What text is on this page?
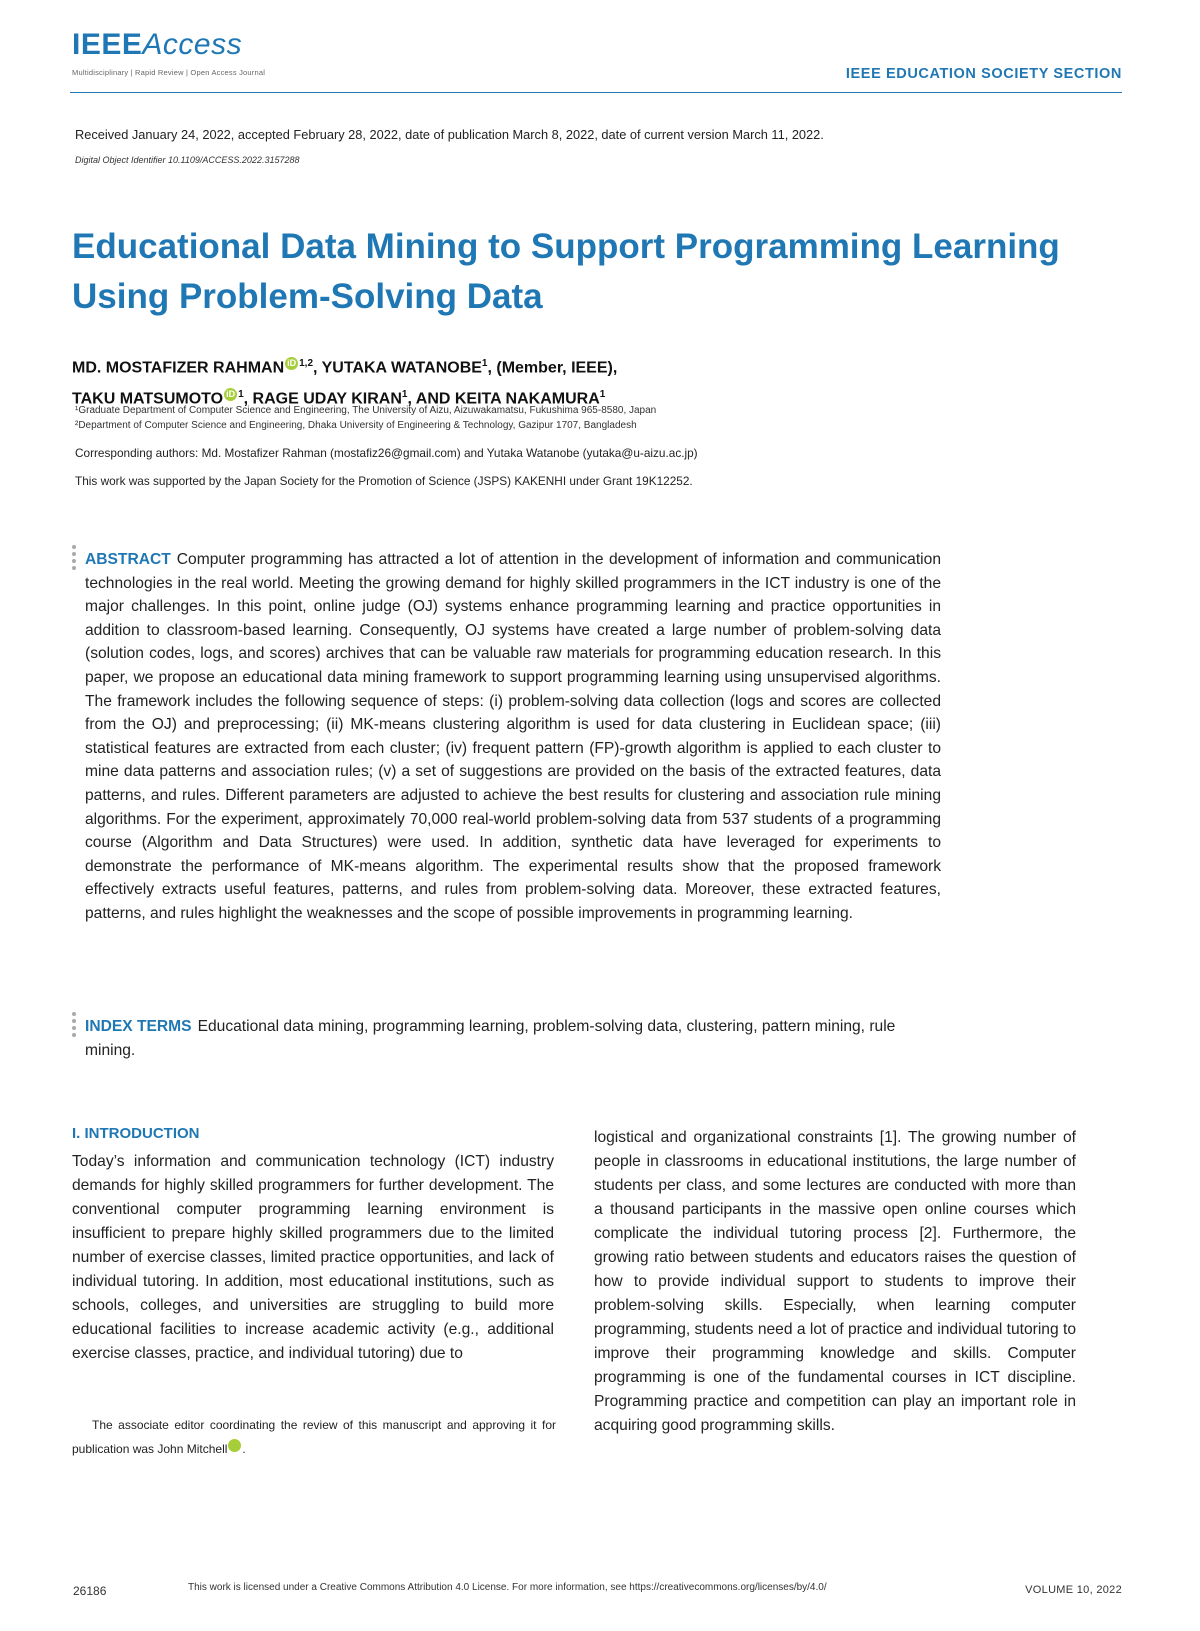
IEEEAccess
Multidisciplinary | Rapid Review | Open Access Journal	IEEE EDUCATION SOCIETY SECTION
Received January 24, 2022, accepted February 28, 2022, date of publication March 8, 2022, date of current version March 11, 2022.
Digital Object Identifier 10.1109/ACCESS.2022.3157288
Educational Data Mining to Support Programming Learning Using Problem-Solving Data
MD. MOSTAFIZER RAHMAN iD $^{1,2}$, YUTAKA WATANOBE$^1$, (Member, IEEE),
TAKU MATSUMOTO iD $^1$, RAGE UDAY KIRAN$^1$, AND KEITA NAKAMURA$^1$
¹Graduate Department of Computer Science and Engineering, The University of Aizu, Aizuwakamatsu, Fukushima 965-8580, Japan
²Department of Computer Science and Engineering, Dhaka University of Engineering & Technology, Gazipur 1707, Bangladesh
Corresponding authors: Md. Mostafizer Rahman (mostafiz26@gmail.com) and Yutaka Watanobe (yutaka@u-aizu.ac.jp)
This work was supported by the Japan Society for the Promotion of Science (JSPS) KAKENHI under Grant 19K12252.
ABSTRACT Computer programming has attracted a lot of attention in the development of information and communication technologies in the real world. Meeting the growing demand for highly skilled programmers in the ICT industry is one of the major challenges. In this point, online judge (OJ) systems enhance programming learning and practice opportunities in addition to classroom-based learning. Consequently, OJ systems have created a large number of problem-solving data (solution codes, logs, and scores) archives that can be valuable raw materials for programming education research. In this paper, we propose an educational data mining framework to support programming learning using unsupervised algorithms. The framework includes the following sequence of steps: (i) problem-solving data collection (logs and scores are collected from the OJ) and preprocessing; (ii) MK-means clustering algorithm is used for data clustering in Euclidean space; (iii) statistical features are extracted from each cluster; (iv) frequent pattern (FP)-growth algorithm is applied to each cluster to mine data patterns and association rules; (v) a set of suggestions are provided on the basis of the extracted features, data patterns, and rules. Different parameters are adjusted to achieve the best results for clustering and association rule mining algorithms. For the experiment, approximately 70,000 real-world problem-solving data from 537 students of a programming course (Algorithm and Data Structures) were used. In addition, synthetic data have leveraged for experiments to demonstrate the performance of MK-means algorithm. The experimental results show that the proposed framework effectively extracts useful features, patterns, and rules from problem-solving data. Moreover, these extracted features, patterns, and rules highlight the weaknesses and the scope of possible improvements in programming learning.
INDEX TERMS Educational data mining, programming learning, problem-solving data, clustering, pattern mining, rule mining.
I. INTRODUCTION
Today’s information and communication technology (ICT) industry demands for highly skilled programmers for further development. The conventional computer programming learning environment is insufficient to prepare highly skilled programmers due to the limited number of exercise classes, limited practice opportunities, and lack of individual tutoring. In addition, most educational institutions, such as schools, colleges, and universities are struggling to build more educational facilities to increase academic activity (e.g., additional exercise classes, practice, and individual tutoring) due to
logistical and organizational constraints [1]. The growing number of people in classrooms in educational institutions, the large number of students per class, and some lectures are conducted with more than a thousand participants in the massive open online courses which complicate the individual tutoring process [2]. Furthermore, the growing ratio between students and educators raises the question of how to provide individual support to students to improve their problem-solving skills. Especially, when learning computer programming, students need a lot of practice and individual tutoring to improve their programming knowledge and skills. Computer programming is one of the fundamental courses in ICT discipline. Programming practice and competition can play an important role in acquiring good programming skills.
The associate editor coordinating the review of this manuscript and approving it for publication was John Mitchell iD.
26186	This work is licensed under a Creative Commons Attribution 4.0 License. For more information, see https://creativecommons.org/licenses/by/4.0/	VOLUME 10, 2022
